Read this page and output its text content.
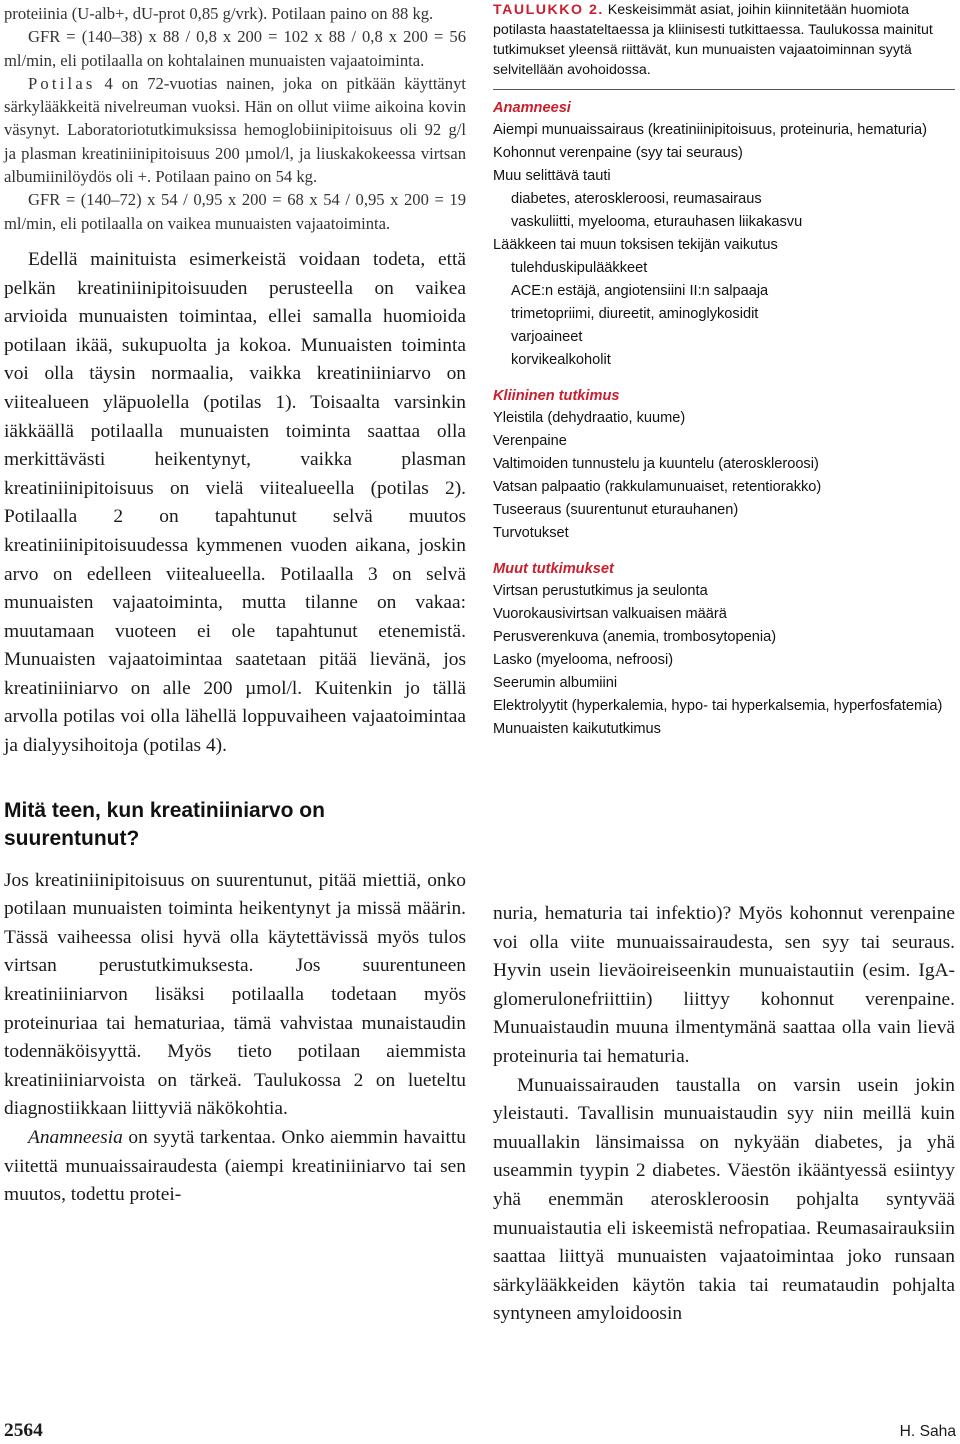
proteiinia (U-alb+, dU-prot 0,85 g/vrk). Potilaan paino on 88 kg.

GFR = (140–38) x 88 / 0,8 x 200 = 102 x 88 / 0,8 x 200 = 56 ml/min, eli potilaalla on kohtalainen munuaisten vajaatoiminta.

Potilas 4 on 72-vuotias nainen, joka on pitkään käyttänyt särkylääkkeitä nivelreuman vuoksi. Hän on ollut viime aikoina kovin väsynyt. Laboratoriotutkimuksissa hemoglobiinipitoisuus oli 92 g/l ja plasman kreatiniinipitoisuus 200 µmol/l, ja liuskakokeessa virtsan albumiinilöydös oli +. Potilaan paino on 54 kg.

GFR = (140–72) x 54 / 0,95 x 200 = 68 x 54 / 0,95 x 200 = 19 ml/min, eli potilaalla on vaikea munuaisten vajaatoiminta.

Edellä mainituista esimerkeistä voidaan todeta, että pelkän kreatiniinipitoisuuden perusteella on vaikea arvioida munuaisten toimintaa, ellei samalla huomioida potilaan ikää, sukupuolta ja kokoa. Munuaisten toiminta voi olla täysin normaalia, vaikka kreatiniiniarvo on viitealueen yläpuolella (potilas 1). Toisaalta varsinkin iäkkäällä potilaalla munuaisten toiminta saattaa olla merkittävästi heikentynyt, vaikka plasman kreatiniinipitoisuus on vielä viitealueella (potilas 2). Potilaalla 2 on tapahtunut selvä muutos kreatiniinipitoisuudessa kymmenen vuoden aikana, joskin arvo on edelleen viitealueella. Potilaalla 3 on selvä munuaisten vajaatoiminta, mutta tilanne on vakaa: muutamaan vuoteen ei ole tapahtunut etenemistä. Munuaisten vajaatoimintaa saatetaan pitää lievänä, jos kreatiniiniarvo on alle 200 µmol/l. Kuitenkin jo tällä arvolla potilas voi olla lähellä loppuvaiheen vajaatoimintaa ja dialyysihoitoja (potilas 4).

Mitä teen, kun kreatiniiniarvo on suurentunut?

Jos kreatiniinipitoisuus on suurentunut, pitää miettiä, onko potilaan munuaisten toiminta heikentynyt ja missä määrin. Tässä vaiheessa olisi hyvä olla käytettävissä myös tulos virtsan perustutkimuksesta. Jos suurentuneen kreatiniiniarvon lisäksi potilaalla todetaan myös proteinuriaa tai hematuriaa, tämä vahvistaa munaistaudin todennäköisyyttä. Myös tieto potilaan aiemmista kreatiniiniarvoista on tärkeä. Taulukossa 2 on lueteltu diagnostiikkaan liittyviä näkökohtia.

Anamneesia on syytä tarkentaa. Onko aiemmin havaittu viitettä munuaissairaudesta (aiempi kreatiniiniarvo tai sen muutos, todettu protei-

TAULUKKO 2. Keskeisimmät asiat, joihin kiinnitetään huomiota potilasta haastateltaessa ja kliinisesti tutkittaessa. Taulukossa mainitut tutkimukset yleensä riittävät, kun munuaisten vajaatoiminnan syytä selvitellään avohoidossa.

Anamneesi

Aiempi munuaissairaus (kreatiniinipitoisuus, proteinuria, hematuria)

Kohonnut verenpaine (syy tai seuraus)

Muu selittävä tauti

diabetes, ateroskleroosi, reumasairaus

vaskuliitti, myelooma, eturauhasen liikakasvu

Lääkkeen tai muun toksisen tekijän vaikutus

tulehduskipulääkkeet

ACE:n estäjä, angiotensiini II:n salpaaja

trimetopriimi, diureetit, aminoglykosidit

varjoaineet

korvikealkoholit

Kliininen tutkimus

Yleistila (dehydraatio, kuume)

Verenpaine

Valtimoiden tunnustelu ja kuuntelu (ateroskleroosi)

Vatsan palpaatio (rakkulamunuaiset, retentiorakko)

Tuseeraus (suurentunut eturauhanen)

Turvotukset

Muut tutkimukset

Virtsan perustutkimus ja seulonta

Vuorokausivirtsan valkuaisen määrä

Perusverenkuva (anemia, trombosytopenia)

Lasko (myelooma, nefroosi)

Seerumin albumiini

Elektrolyytit (hyperkalemia, hypo- tai hyperkalsemia, hyperfosfatemia)

Munuaisten kaikututkimus

nuria, hematuria tai infektio)? Myös kohonnut verenpaine voi olla viite munuaissairaudesta, sen syy tai seuraus. Hyvin usein lieväoireiseenkin munuaistautiin (esim. IgA-glomerulonefriittiin) liittyy kohonnut verenpaine. Munuaistaudin muuna ilmentymänä saattaa olla vain lievä proteinuria tai hematuria.

Munuaissairauden taustalla on varsin usein jokin yleistauti. Tavallisin munuaistaudin syy niin meillä kuin muuallakin länsimaissa on nykyään diabetes, ja yhä useammin tyypin 2 diabetes. Väestön ikääntyessä esiintyy yhä enemmän ateroskleroosin pohjalta syntyvää munuaistautia eli iskeemistä nefropatiaa. Reumasairauksiin saattaa liittyä munuaisten vajaatoimintaa joko runsaan särkylääkkeiden käytön takia tai reumataudin pohjalta syntyneen amyloidoosin

2564	H. Saha
